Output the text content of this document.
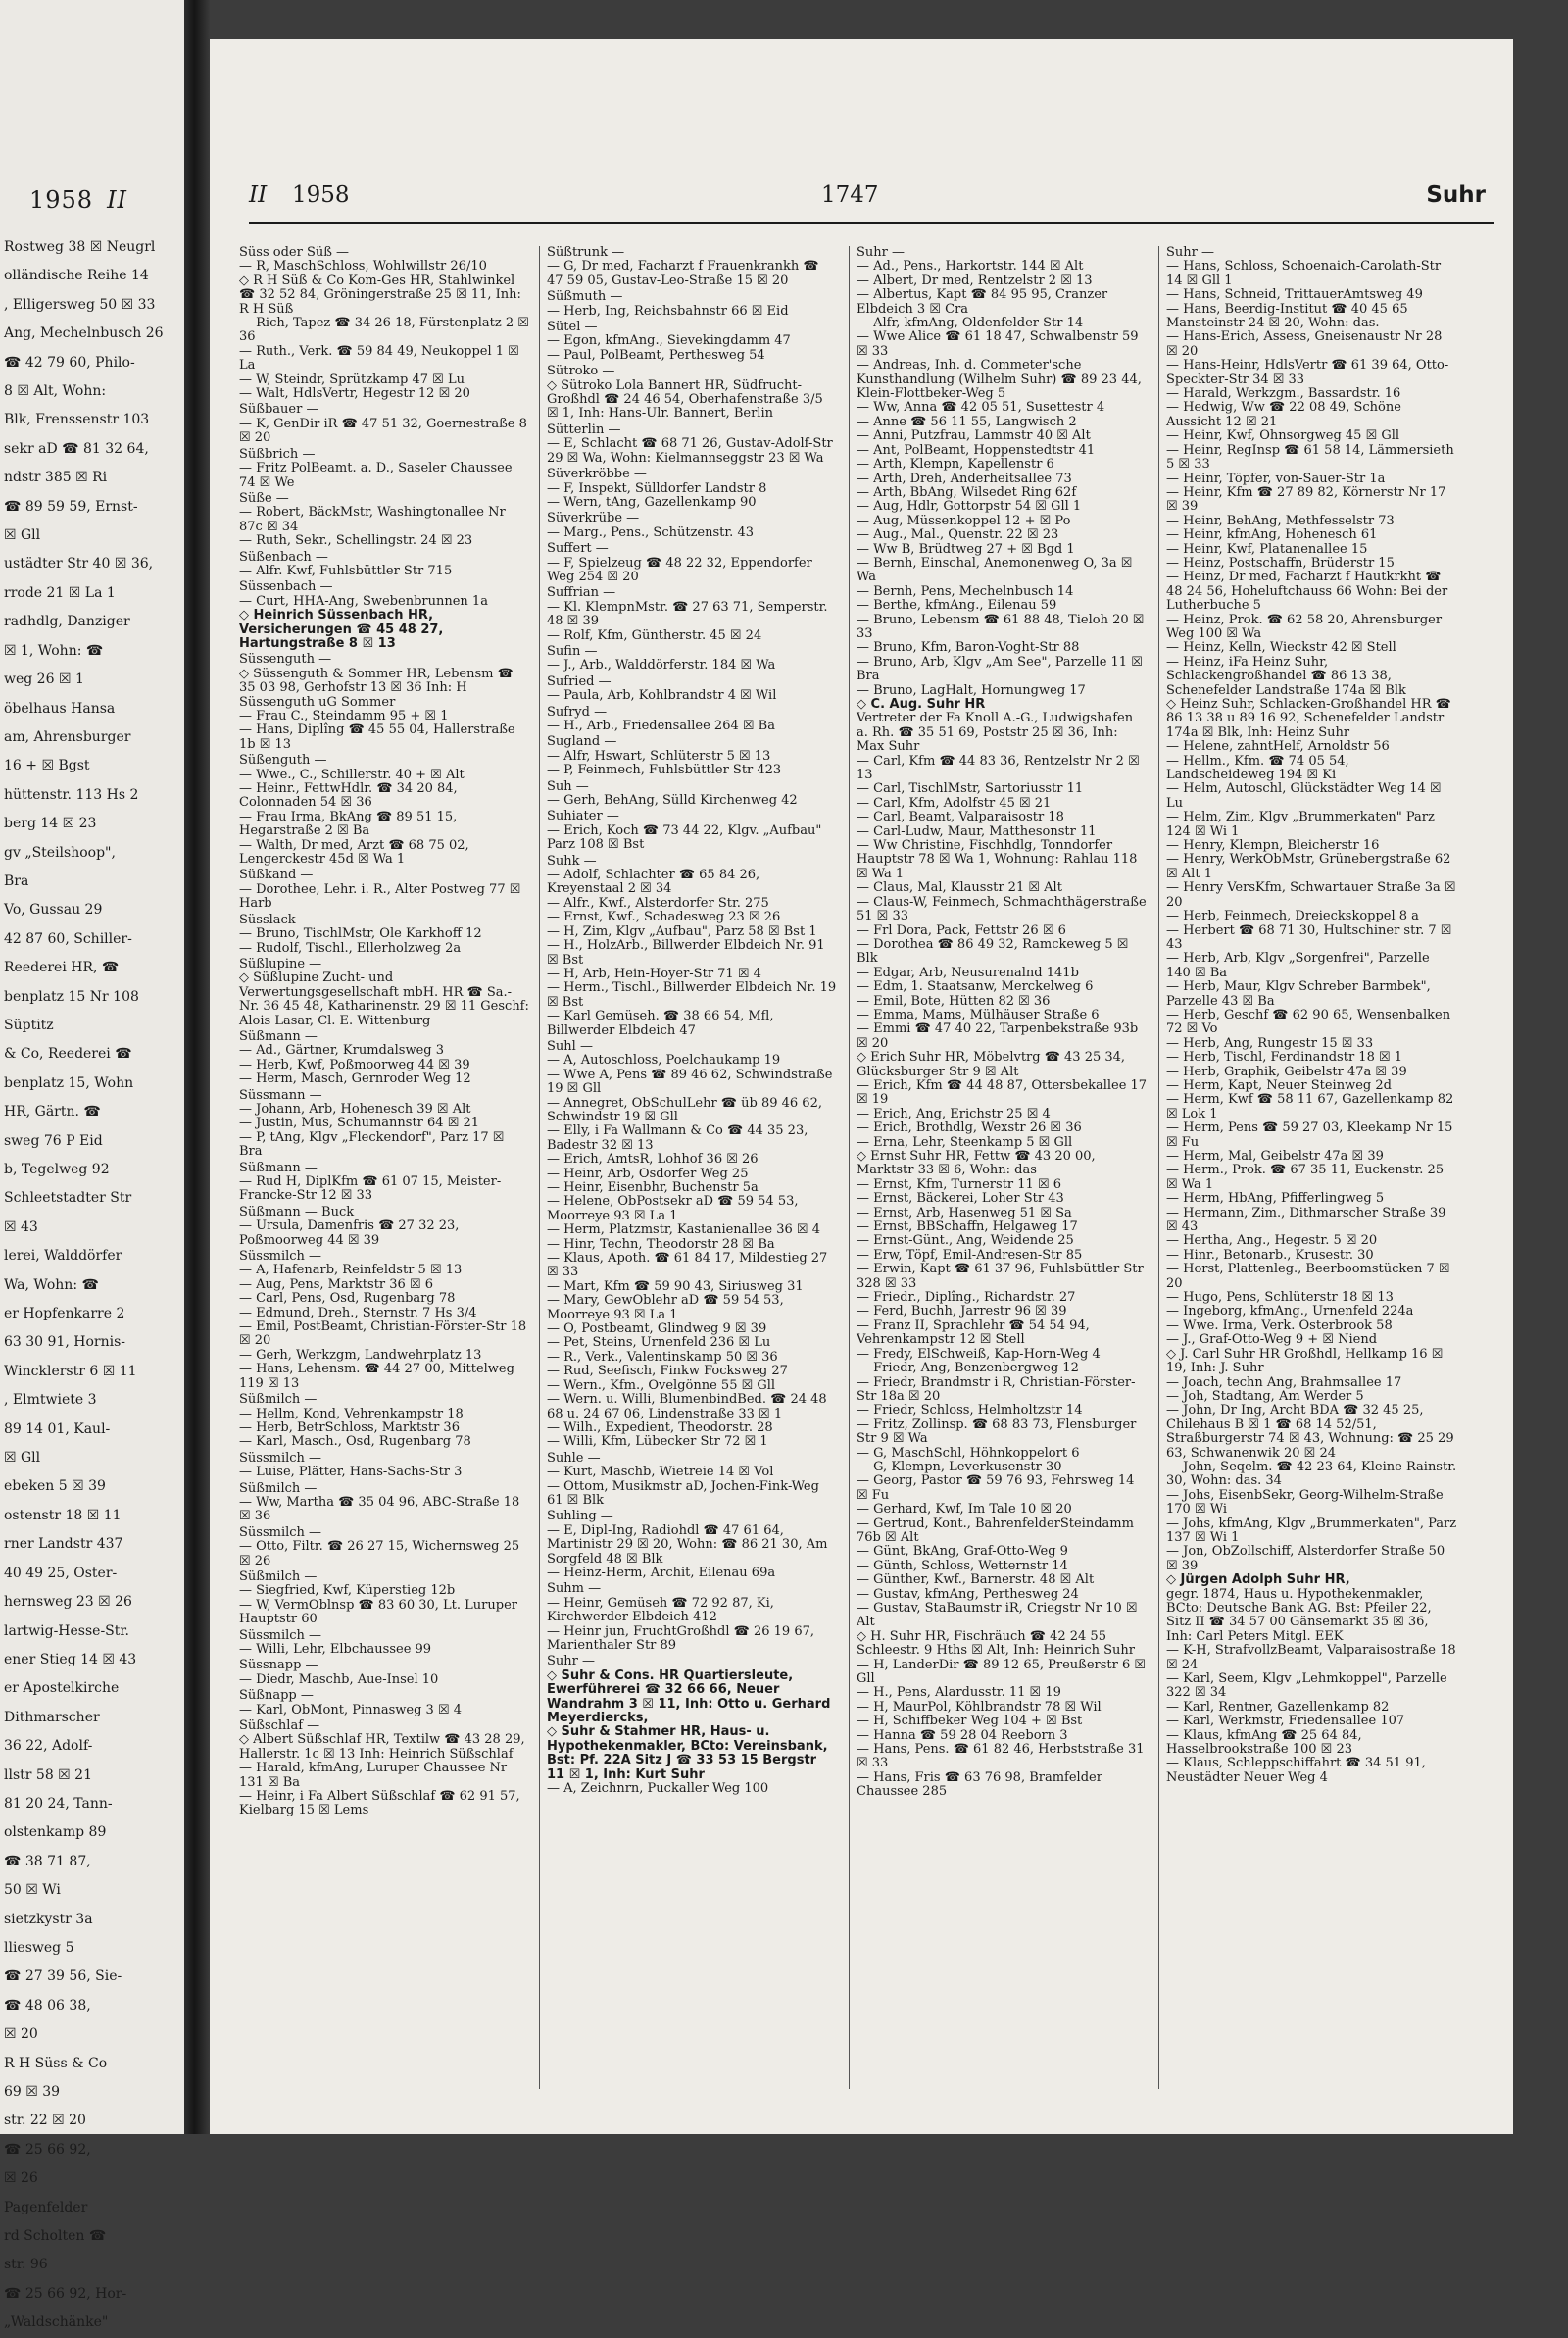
1958 II
Rostweg 38 ☒ Neugrl
olländische Reihe 14
, Elligersweg 50 ☒ 33
Ang, Mechelnbusch 26
☎ 42 79 60, Philo-
8 ☒ Alt, Wohn:
Blk, Frenssenstr 103
sekr aD ☎ 81 32 64,
ndstr 385 ☒ Ri
☎ 89 59 59, Ernst-
☒ Gll
ustädter Str 40 ☒ 36,
rrode 21 ☒ La 1
radhdlg, Danziger
☒ 1, Wohn: ☎
weg 26 ☒ 1
öbelhaus Hansa
am, Ahrensburger
16 + ☒ Bgst
hüttenstr. 113 Hs 2
berg 14 ☒ 23
gv „Steilshoop",
Bra
Vo, Gussau 29
42 87 60, Schiller-
Reederei HR, ☎
benplatz 15 Nr 108
Süptitz
& Co, Reederei ☎
benplatz 15, Wohn
HR, Gärtn. ☎
sweg 76 P Eid
b, Tegelweg 92
Schleetstadter Str
☒ 43
lerei, Walddörfer
Wa, Wohn: ☎
er Hopfenkarre 2
63 30 91, Hornis-
Wincklerstr 6 ☒ 11
, Elmtwiete 3
89 14 01, Kaul-
☒ Gll
ebeken 5 ☒ 39
ostenstr 18 ☒ 11
rner Landstr 437
40 49 25, Oster-
hernsweg 23 ☒ 26
lartwig-Hesse-Str.
ener Stieg 14 ☒ 43
er Apostelkirche
Dithmarscher
36 22, Adolf-
llstr 58 ☒ 21
81 20 24, Tann-
olstenkamp 89
☎ 38 71 87,
50 ☒ Wi
sietzkystr 3a
lliesweg 5
☎ 27 39 56, Sie-
☎ 48 06 38,
☒ 20
R H Süss & Co
69 ☒ 39
str. 22 ☒ 20
☎ 25 66 92,
☒ 26
Pagenfelder
rd Scholten ☎
str. 96
☎ 25 66 92, Hor-
„Waldschänke"
II 1958	1747	Suhr
Süss oder Süß —
— R, MaschSchloss, Wohlwillstr 26/10
◇ R H Süß & Co Kom-Ges HR, Stahlwinkel ☎ 32 52 84, Gröningerstraße 25 ☒ 11, Inh: R H Süß
— Rich, Tapez ☎ 34 26 18, Fürstenplatz 2 ☒ 36
— Ruth., Verk. ☎ 59 84 49, Neukoppel 1 ☒ La
— W, Steindr, Sprützkamp 47 ☒ Lu
— Walt, HdlsVertr, Hegestr 12 ☒ 20
Süßbauer —
— K, GenDir iR ☎ 47 51 32, Goernestraße 8 ☒ 20
Süßbrich —
— Fritz PolBeamt. a. D., Saseler Chaussee 74 ☒ We
Süße —
— Robert, BäckMstr, Washingtonallee Nr 87c ☒ 34
— Ruth, Sekr., Schellingstr. 24 ☒ 23
Süßenbach —
— Alfr. Kwf, Fuhlsbüttler Str 715
Süssenbach —
— Curt, HHA-Ang, Swebenbrunnen 1a
◇ Heinrich Süssenbach HR, Versicherungen ☎ 45 48 27, Hartungstraße 8 ☒ 13
Süssenguth —
◇ Süssenguth & Sommer HR, Lebensm ☎ 35 03 98, Gerhofstr 13 ☒ 36 Inh: H Süssenguth uG Sommer
— Frau C., Steindamm 95 + ☒ 1
— Hans, Diplîng ☎ 45 55 04, Hallerstraße 1b ☒ 13
Süßenguth —
— Wwe., C., Schillerstr. 40 + ☒ Alt
— Heinr., FettwHdlr. ☎ 34 20 84, Colonnaden 54 ☒ 36
— Frau Irma, BkAng ☎ 89 51 15, Hegarstraße 2 ☒ Ba
— Walth, Dr med, Arzt ☎ 68 75 02, Lengerckestr 45d ☒ Wa 1
Süßkand —
— Dorothee, Lehr. i. R., Alter Postweg 77 ☒ Harb
Süsslack —
— Bruno, TischlMstr, Ole Karkhoff 12
— Rudolf, Tischl., Ellerholzweg 2a
Süßlupine —
◇ Süßlupine Zucht- und Verwertungsgesellschaft mbH. HR ☎ Sa.-Nr. 36 45 48, Katharinenstr. 29 ☒ 11 Geschf: Alois Lasar, Cl. E. Wittenburg
Süßmann —
— Ad., Gärtner, Krumdalsweg 3
— Herb, Kwf, Poßmoorweg 44 ☒ 39
— Herm, Masch, Gernroder Weg 12
Süssmann —
— Johann, Arb, Hohenesch 39 ☒ Alt
— Justin, Mus, Schumannstr 64 ☒ 21
— P, tAng, Klgv „Fleckendorf", Parz 17 ☒ Bra
Süßmann —
— Rud H, DiplKfm ☎ 61 07 15, Meister-Francke-Str 12 ☒ 33
Süßmann — Buck
— Ursula, Damenfris ☎ 27 32 23, Poßmoorweg 44 ☒ 39
Süssmilch —
— A, Hafenarb, Reinfeldstr 5 ☒ 13
— Aug, Pens, Marktstr 36 ☒ 6
— Carl, Pens, Osd, Rugenbarg 78
— Edmund, Dreh., Sternstr. 7 Hs 3/4
— Emil, PostBeamt, Christian-Förster-Str 18 ☒ 20
— Gerh, Werkzgm, Landwehrplatz 13
— Hans, Lehensm. ☎ 44 27 00, Mittelweg 119 ☒ 13
Süßmilch —
— Hellm, Kond, Vehrenkampstr 18
— Herb, BetrSchloss, Marktstr 36
— Karl, Masch., Osd, Rugenbarg 78
Süssmilch —
— Luise, Plätter, Hans-Sachs-Str 3
Süßmilch —
— Ww, Martha ☎ 35 04 96, ABC-Straße 18 ☒ 36
Süssmilch —
— Otto, Filtr. ☎ 26 27 15, Wichernsweg 25 ☒ 26
Süßmilch —
— Siegfried, Kwf, Küperstieg 12b
— W, VermOblnsp ☎ 83 60 30, Lt. Luruper Hauptstr 60
Süssmilch —
— Willi, Lehr, Elbchaussee 99
Süssnapp —
— Diedr, Maschb, Aue-Insel 10
Süßnapp —
— Karl, ObMont, Pinnasweg 3 ☒ 4
Süßschlaf —
◇ Albert Süßschlaf HR, Textilw ☎ 43 28 29, Hallerstr. 1c ☒ 13 Inh: Heinrich Süßschlaf
— Harald, kfmAng, Luruper Chaussee Nr 131 ☒ Ba
— Heinr, i Fa Albert Süßschlaf ☎ 62 91 57, Kielbarg 15 ☒ Lems
Süßtrunk —
— G, Dr med, Facharzt f Frauenkrankh ☎ 47 59 05, Gustav-Leo-Straße 15 ☒ 20
Süßmuth —
— Herb, Ing, Reichsbahnstr 66 ☒ Eid
Sütel —
— Egon, kfmAng., Sievekingdamm 47
— Paul, PolBeamt, Perthesweg 54
Sütroko —
◇ Sütroko Lola Bannert HR, Südfrucht-Großhdl ☎ 24 46 54, Oberhafenstraße 3/5 ☒ 1, Inh: Hans-Ulr. Bannert, Berlin
Sütterlin —
— E, Schlacht ☎ 68 71 26, Gustav-Adolf-Str 29 ☒ Wa, Wohn: Kielmannseggstr 23 ☒ Wa
Süverkröbbe —
— F, Inspekt, Sülldorfer Landstr 8
— Wern, tAng, Gazellenkamp 90
Süverkrübe —
— Marg., Pens., Schützenstr. 43
Suffert —
— F, Spielzeug ☎ 48 22 32, Eppendorfer Weg 254 ☒ 20
Suffrian —
— Kl. KlempnMstr. ☎ 27 63 71, Semperstr. 48 ☒ 39
— Rolf, Kfm, Güntherstr. 45 ☒ 24
Sufin —
— J., Arb., Walddörferstr. 184 ☒ Wa
Sufried —
— Paula, Arb, Kohlbrandstr 4 ☒ Wil
Sufryd —
— H., Arb., Friedensallee 264 ☒ Ba
Sugland —
— Alfr, Hswart, Schlüterstr 5 ☒ 13
— P, Feinmech, Fuhlsbüttler Str 423
Suh —
— Gerh, BehAng, Sülld Kirchenweg 42
Suhiater —
— Erich, Koch ☎ 73 44 22, Klgv. „Aufbau" Parz 108 ☒ Bst
Suhk —
— Adolf, Schlachter ☎ 65 84 26, Kreyenstaal 2 ☒ 34
— Alfr., Kwf., Alsterdorfer Str. 275
— Ernst, Kwf., Schadesweg 23 ☒ 26
— H, Zim, Klgv „Aufbau", Parz 58 ☒ Bst 1
— H., HolzArb., Billwerder Elbdeich Nr. 91 ☒ Bst
— H, Arb, Hein-Hoyer-Str 71 ☒ 4
— Herm., Tischl., Billwerder Elbdeich Nr. 19 ☒ Bst
— Karl Gemüseh. ☎ 38 66 54, Mfl, Billwerder Elbdeich 47
Suhl —
— A, Autoschloss, Poelchaukamp 19
— Wwe A, Pens ☎ 89 46 62, Schwindstraße 19 ☒ Gll
— Annegret, ObSchulLehr ☎ üb 89 46 62, Schwindstr 19 ☒ Gll
— Elly, i Fa Wallmann & Co ☎ 44 35 23, Badestr 32 ☒ 13
— Erich, AmtsR, Lohhof 36 ☒ 26
— Heinr, Arb, Osdorfer Weg 25
— Heinr, Eisenbhr, Buchenstr 5a
— Helene, ObPostsekr aD ☎ 59 54 53, Moorreye 93 ☒ La 1
— Herm, Platzmstr, Kastanienallee 36 ☒ 4
— Hinr, Techn, Theodorstr 28 ☒ Ba
— Klaus, Apoth. ☎ 61 84 17, Mildestieg 27 ☒ 33
— Mart, Kfm ☎ 59 90 43, Siriusweg 31
— Mary, GewOblehr aD ☎ 59 54 53, Moorreye 93 ☒ La 1
— O, Postbeamt, Glindweg 9 ☒ 39
— Pet, Steins, Urnenfeld 236 ☒ Lu
— R., Verk., Valentinskamp 50 ☒ 36
— Rud, Seefisch, Finkw Focksweg 27
— Wern., Kfm., Ovelgönne 55 ☒ Gll
— Wern. u. Willi, BlumenbindBed. ☎ 24 48 68 u. 24 67 06, Lindenstraße 33 ☒ 1
— Wilh., Expedient, Theodorstr. 28
— Willi, Kfm, Lübecker Str 72 ☒ 1
Suhle —
— Kurt, Maschb, Wietreie 14 ☒ Vol
— Ottom, Musikmstr aD, Jochen-Fink-Weg 61 ☒ Blk
Suhling —
— E, Dipl-Ing, Radiohdl ☎ 47 61 64, Martinistr 29 ☒ 20, Wohn: ☎ 86 21 30, Am Sorgfeld 48 ☒ Blk
— Heinz-Herm, Archit, Eilenau 69a
Suhm —
— Heinr, Gemüseh ☎ 72 92 87, Ki, Kirchwerder Elbdeich 412
— Heinr jun, FruchtGroßhdl ☎ 26 19 67, Marienthaler Str 89
Suhr —
◇ Suhr & Cons. HR Quartiersleute, Ewerführerei ☎ 32 66 66, Neuer Wandrahm 3 ☒ 11, Inh: Otto u. Gerhard Meyerdiercks,
◇ Suhr & Stahmer HR, Haus- u. Hypothekenmakler, BCto: Vereinsbank, Bst: Pf. 22A Sitz J ☎ 33 53 15 Bergstr 11 ☒ 1, Inh: Kurt Suhr
— A, Zeichnrn, Puckaller Weg 100
Suhr —
— Ad., Pens., Harkortstr. 144 ☒ Alt
— Albert, Dr med, Rentzelstr 2 ☒ 13
— Albertus, Kapt ☎ 84 95 95, Cranzer Elbdeich 3 ☒ Cra
— Alfr, kfmAng, Oldenfelder Str 14
— Wwe Alice ☎ 61 18 47, Schwalbenstr 59 ☒ 33
— Andreas, Inh. d. Commeter'sche Kunsthandlung (Wilhelm Suhr) ☎ 89 23 44, Klein-Flottbeker-Weg 5
— Ww, Anna ☎ 42 05 51, Susettestr 4
— Anne ☎ 56 11 55, Langwisch 2
— Anni, Putzfrau, Lammstr 40 ☒ Alt
— Ant, PolBeamt, Hoppenstedtstr 41
— Arth, Klempn, Kapellenstr 6
— Arth, Dreh, Anderheitsallee 73
— Arth, BbAng, Wilsedet Ring 62f
— Aug, Hdlr, Gottorpstr 54 ☒ Gll 1
— Aug, Müssenkoppel 12 + ☒ Po
— Aug., Mal., Quenstr. 22 ☒ 23
— Ww B, Brüdtweg 27 + ☒ Bgd 1
— Bernh, Einschal, Anemonenweg O, 3a ☒ Wa
— Bernh, Pens, Mechelnbusch 14
— Berthe, kfmAng., Eilenau 59
— Bruno, Lebensm ☎ 61 88 48, Tieloh 20 ☒ 33
— Bruno, Kfm, Baron-Voght-Str 88
— Bruno, Arb, Klgv „Am See", Parzelle 11 ☒ Bra
— Bruno, LagHalt, Hornungweg 17
◇ C. Aug. Suhr HR
Vertreter der Fa Knoll A.-G., Ludwigshafen a. Rh. ☎ 35 51 69, Poststr 25 ☒ 36, Inh: Max Suhr
— Carl, Kfm ☎ 44 83 36, Rentzelstr Nr 2 ☒ 13
— Carl, TischlMstr, Sartoriusstr 11
— Carl, Kfm, Adolfstr 45 ☒ 21
— Carl, Beamt, Valparaisostr 18
— Carl-Ludw, Maur, Matthesonstr 11
— Ww Christine, Fischhdlg, Tonndorfer Hauptstr 78 ☒ Wa 1, Wohnung: Rahlau 118 ☒ Wa 1
— Claus, Mal, Klausstr 21 ☒ Alt
— Claus-W, Feinmech, Schmachthägerstraße 51 ☒ 33
— Frl Dora, Pack, Fettstr 26 ☒ 6
— Dorothea ☎ 86 49 32, Ramckeweg 5 ☒ Blk
— Edgar, Arb, Neusurenalnd 141b
— Edm, 1. Staatsanw, Merckelweg 6
— Emil, Bote, Hütten 82 ☒ 36
— Emma, Mams, Mülhäuser Straße 6
— Emmi ☎ 47 40 22, Tarpenbekstraße 93b ☒ 20
◇ Erich Suhr HR, Möbelvtrg ☎ 43 25 34, Glücksburger Str 9 ☒ Alt
— Erich, Kfm ☎ 44 48 87, Ottersbekallee 17 ☒ 19
— Erich, Ang, Erichstr 25 ☒ 4
— Erich, Brothdlg, Wexstr 26 ☒ 36
— Erna, Lehr, Steenkamp 5 ☒ Gll
◇ Ernst Suhr HR, Fettw ☎ 43 20 00, Marktstr 33 ☒ 6, Wohn: das
— Ernst, Kfm, Turnerstr 11 ☒ 6
— Ernst, Bäckerei, Loher Str 43
— Ernst, Arb, Hasenweg 51 ☒ Sa
— Ernst, BBSchaffn, Helgaweg 17
— Ernst-Günt., Ang, Weidende 25
— Erw, Töpf, Emil-Andresen-Str 85
— Erwin, Kapt ☎ 61 37 96, Fuhlsbüttler Str 328 ☒ 33
— Friedr., Diplîng., Richardstr. 27
— Ferd, Buchh, Jarrestr 96 ☒ 39
— Franz II, Sprachlehr ☎ 54 54 94, Vehrenkampstr 12 ☒ Stell
— Fredy, ElSchweiß, Kap-Horn-Weg 4
— Friedr, Ang, Benzenbergweg 12
— Friedr, Brandmstr i R, Christian-Förster-Str 18a ☒ 20
— Friedr, Schloss, Helmholtzstr 14
— Fritz, Zollinsp. ☎ 68 83 73, Flensburger Str 9 ☒ Wa
— G, MaschSchl, Höhnkoppelort 6
— G, Klempn, Leverkusenstr 30
— Georg, Pastor ☎ 59 76 93, Fehrsweg 14 ☒ Fu
— Gerhard, Kwf, Im Tale 10 ☒ 20
— Gertrud, Kont., BahrenfelderSteindamm 76b ☒ Alt
— Günt, BkAng, Graf-Otto-Weg 9
— Günth, Schloss, Wetternstr 14
— Günther, Kwf., Barnerstr. 48 ☒ Alt
— Gustav, kfmAng, Perthesweg 24
— Gustav, StaBaumstr iR, Criegstr Nr 10 ☒ Alt
◇ H. Suhr HR, Fischräuch ☎ 42 24 55 Schleestr. 9 Hths ☒ Alt, Inh: Heinrich Suhr
— H, LanderDir ☎ 89 12 65, Preußerstr 6 ☒ Gll
— H., Pens, Alardusstr. 11 ☒ 19
— H, MaurPol, Köhlbrandstr 78 ☒ Wil
— H, Schiffbeker Weg 104 + ☒ Bst
— Hanna ☎ 59 28 04 Reeborn 3
— Hans, Pens. ☎ 61 82 46, Herbststraße 31 ☒ 33
— Hans, Fris ☎ 63 76 98, Bramfelder Chaussee 285
Suhr —
— Hans, Schloss, Schoenaich-Carolath-Str 14 ☒ Gll 1
— Hans, Schneid, TrittauerAmtsweg 49
— Hans, Beerdig-Institut ☎ 40 45 65 Mansteinstr 24 ☒ 20, Wohn: das.
— Hans-Erich, Assess, Gneisenaustr Nr 28 ☒ 20
— Hans-Heinr, HdlsVertr ☎ 61 39 64, Otto-Speckter-Str 34 ☒ 33
— Harald, Werkzgm., Bassardstr. 16
— Hedwig, Ww ☎ 22 08 49, Schöne Aussicht 12 ☒ 21
— Heinr, Kwf, Ohnsorgweg 45 ☒ Gll
— Heinr, RegInsp ☎ 61 58 14, Lämmersieth 5 ☒ 33
— Heinr, Töpfer, von-Sauer-Str 1a
— Heinr, Kfm ☎ 27 89 82, Körnerstr Nr 17 ☒ 39
— Heinr, BehAng, Methfesselstr 73
— Heinr, kfmAng, Hohenesch 61
— Heinr, Kwf, Platanenallee 15
— Heinz, Postschaffn, Brüderstr 15
— Heinz, Dr med, Facharzt f Hautkrkht ☎ 48 24 56, Hoheluftchauss 66 Wohn: Bei der Lutherbuche 5
— Heinz, Prok. ☎ 62 58 20, Ahrensburger Weg 100 ☒ Wa
— Heinz, Kelln, Wieckstr 42 ☒ Stell
— Heinz, iFa Heinz Suhr, Schlackengroßhandel ☎ 86 13 38, Schenefelder Landstraße 174a ☒ Blk
◇ Heinz Suhr, Schlacken-Großhandel HR ☎ 86 13 38 u 89 16 92, Schenefelder Landstr 174a ☒ Blk, Inh: Heinz Suhr
— Helene, zahntHelf, Arnoldstr 56
— Hellm., Kfm. ☎ 74 05 54, Landscheideweg 194 ☒ Ki
— Helm, Autoschl, Glückstädter Weg 14 ☒ Lu
— Helm, Zim, Klgv „Brummerkaten" Parz 124 ☒ Wi 1
— Henry, Klempn, Bleicherstr 16
— Henry, WerkObMstr, Grünebergstraße 62 ☒ Alt 1
— Henry VersKfm, Schwartauer Straße 3a ☒ 20
— Herb, Feinmech, Dreieckskoppel 8 a
— Herbert ☎ 68 71 30, Hultschiner str. 7 ☒ 43
— Herb, Arb, Klgv „Sorgenfrei", Parzelle 140 ☒ Ba
— Herb, Maur, Klgv Schreber Barmbek", Parzelle 43 ☒ Ba
— Herb, Geschf ☎ 62 90 65, Wensenbalken 72 ☒ Vo
— Herb, Ang, Rungestr 15 ☒ 33
— Herb, Tischl, Ferdinandstr 18 ☒ 1
— Herb, Graphik, Geibelstr 47a ☒ 39
— Herm, Kapt, Neuer Steinweg 2d
— Herm, Kwf ☎ 58 11 67, Gazellenkamp 82 ☒ Lok 1
— Herm, Pens ☎ 59 27 03, Kleekamp Nr 15 ☒ Fu
— Herm, Mal, Geibelstr 47a ☒ 39
— Herm., Prok. ☎ 67 35 11, Euckenstr. 25 ☒ Wa 1
— Herm, HbAng, Pfifferlingweg 5
— Hermann, Zim., Dithmarscher Straße 39 ☒ 43
— Hertha, Ang., Hegestr. 5 ☒ 20
— Hinr., Betonarb., Krusestr. 30
— Horst, Plattenleg., Beerboomstücken 7 ☒ 20
— Hugo, Pens, Schlüterstr 18 ☒ 13
— Ingeborg, kfmAng., Urnenfeld 224a
— Wwe. Irma, Verk. Osterbrook 58
— J., Graf-Otto-Weg 9 + ☒ Niend
◇ J. Carl Suhr HR Großhdl, Hellkamp 16 ☒ 19, Inh: J. Suhr
— Joach, techn Ang, Brahmsallee 17
— Joh, Stadtang, Am Werder 5
— John, Dr Ing, Archt BDA ☎ 32 45 25, Chilehaus B ☒ 1 ☎ 68 14 52/51, Straßburgerstr 74 ☒ 43, Wohnung: ☎ 25 29 63, Schwanenwik 20 ☒ 24
— John, Seqelm. ☎ 42 23 64, Kleine Rainstr. 30, Wohn: das. 34
— Johs, EisenbSekr, Georg-Wilhelm-Straße 170 ☒ Wi
— Johs, kfmAng, Klgv „Brummerkaten", Parz 137 ☒ Wi 1
— Jon, ObZollschiff, Alsterdorfer Straße 50 ☒ 39
◇ Jürgen Adolph Suhr HR,
gegr. 1874, Haus u. Hypothekenmakler, BCto: Deutsche Bank AG. Bst: Pfeiler 22, Sitz II ☎ 34 57 00 Gänsemarkt 35 ☒ 36, Inh: Carl Peters Mitgl. EEK
— K-H, StrafvollzBeamt, Valparaisostraße 18 ☒ 24
— Karl, Seem, Klgv „Lehmkoppel", Parzelle 322 ☒ 34
— Karl, Rentner, Gazellenkamp 82
— Karl, Werkmstr, Friedensallee 107
— Klaus, kfmAng ☎ 25 64 84, Hasselbrookstraße 100 ☒ 23
— Klaus, Schleppschiffahrt ☎ 34 51 91, Neustädter Neuer Weg 4
